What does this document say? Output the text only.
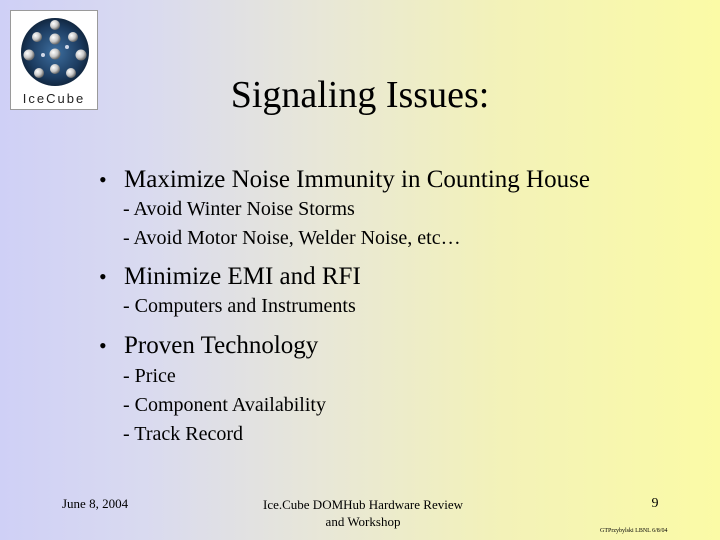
IceCube	Signaling Issues:
• Maximize Noise Immunity in Counting House
- Avoid Winter Noise Storms
- Avoid Motor Noise, Welder Noise, etc…
• Minimize EMI and RFI
- Computers and Instruments
• Proven Technology
- Price
- Component Availability
- Track Record
June 8, 2004	Ice.Cube DOMHub Hardware Review
and Workshop
9
GTPrzybylski LBNL 6/8/04
